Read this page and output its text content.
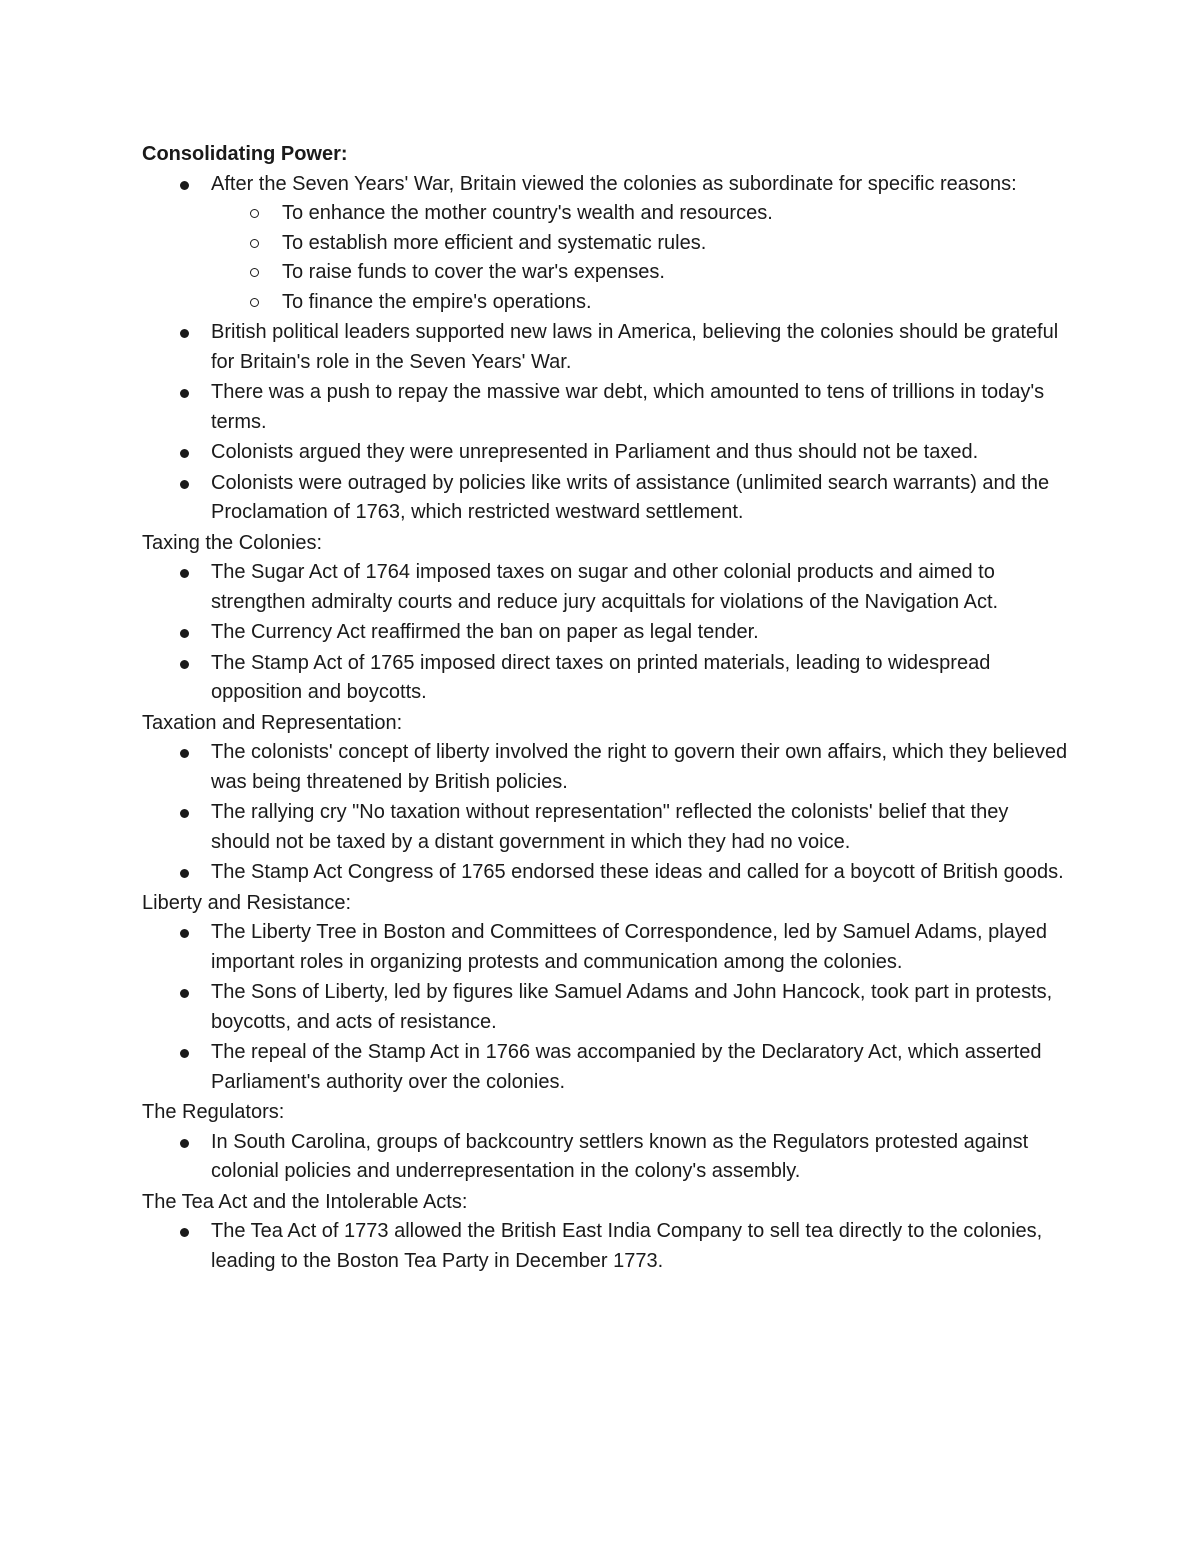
Consolidating Power:

After the Seven Years' War, Britain viewed the colonies as subordinate for specific reasons:
To enhance the mother country's wealth and resources.
To establish more efficient and systematic rules.
To raise funds to cover the war's expenses.
To finance the empire's operations.
British political leaders supported new laws in America, believing the colonies should be grateful for Britain's role in the Seven Years' War.
There was a push to repay the massive war debt, which amounted to tens of trillions in today's terms.
Colonists argued they were unrepresented in Parliament and thus should not be taxed.
Colonists were outraged by policies like writs of assistance (unlimited search warrants) and the Proclamation of 1763, which restricted westward settlement.

Taxing the Colonies:

The Sugar Act of 1764 imposed taxes on sugar and other colonial products and aimed to strengthen admiralty courts and reduce jury acquittals for violations of the Navigation Act.
The Currency Act reaffirmed the ban on paper as legal tender.
The Stamp Act of 1765 imposed direct taxes on printed materials, leading to widespread opposition and boycotts.

Taxation and Representation:

The colonists' concept of liberty involved the right to govern their own affairs, which they believed was being threatened by British policies.
The rallying cry "No taxation without representation" reflected the colonists' belief that they should not be taxed by a distant government in which they had no voice.
The Stamp Act Congress of 1765 endorsed these ideas and called for a boycott of British goods.

Liberty and Resistance:

The Liberty Tree in Boston and Committees of Correspondence, led by Samuel Adams, played important roles in organizing protests and communication among the colonies.
The Sons of Liberty, led by figures like Samuel Adams and John Hancock, took part in protests, boycotts, and acts of resistance.
The repeal of the Stamp Act in 1766 was accompanied by the Declaratory Act, which asserted Parliament's authority over the colonies.

The Regulators:

In South Carolina, groups of backcountry settlers known as the Regulators protested against colonial policies and underrepresentation in the colony's assembly.

The Tea Act and the Intolerable Acts:

The Tea Act of 1773 allowed the British East India Company to sell tea directly to the colonies, leading to the Boston Tea Party in December 1773.
